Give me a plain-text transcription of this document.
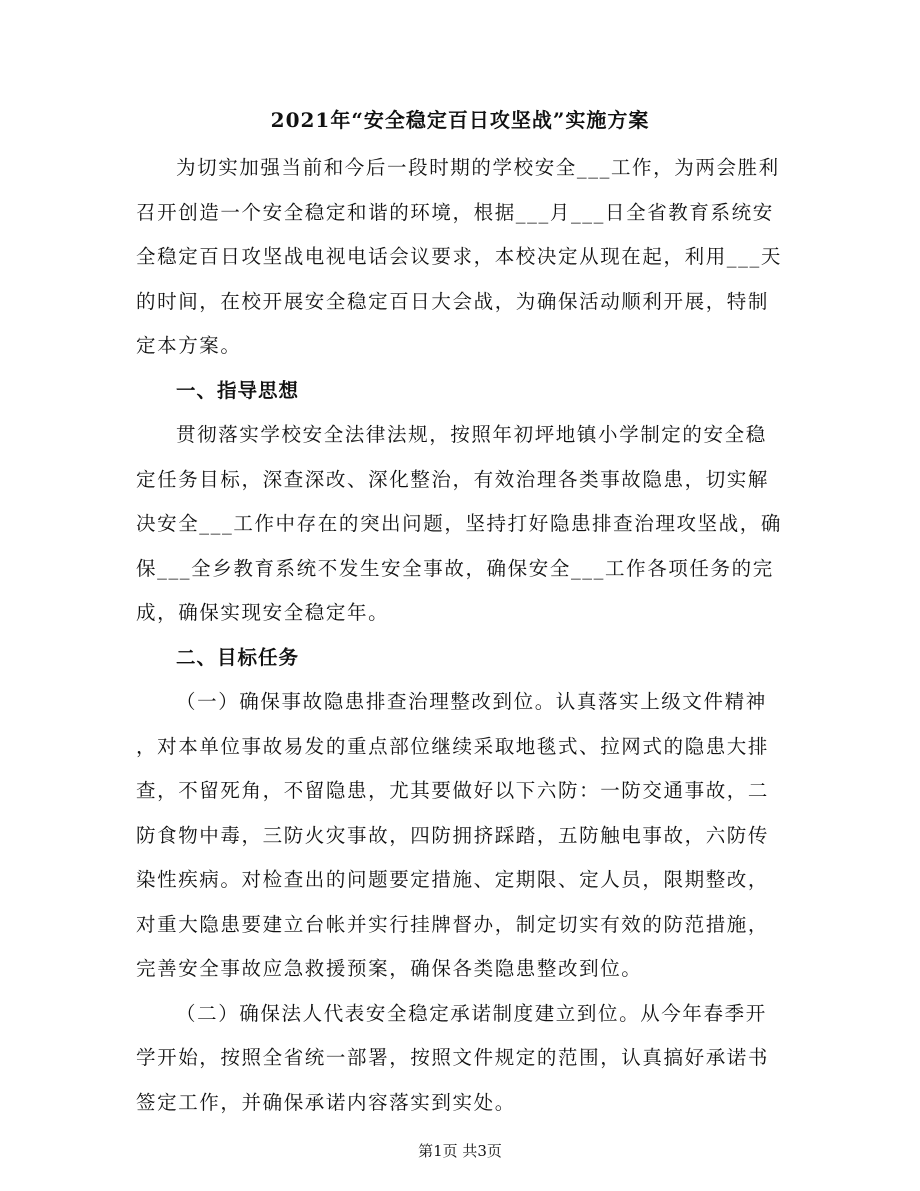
2021年“安全稳定百日攻坚战”实施方案
为切实加强当前和今后一段时期的学校安全___工作，为两会胜利
召开创造一个安全稳定和谐的环境，根据___月___日全省教育系统安
全稳定百日攻坚战电视电话会议要求，本校决定从现在起，利用___天
的时间，在校开展安全稳定百日大会战，为确保活动顺利开展，特制
定本方案。
一、指导思想
贯彻落实学校安全法律法规，按照年初坪地镇小学制定的安全稳
定任务目标，深查深改、深化整治，有效治理各类事故隐患，切实解
决安全___工作中存在的突出问题，坚持打好隐患排查治理攻坚战，确
保___全乡教育系统不发生安全事故，确保安全___工作各项任务的完
成，确保实现安全稳定年。
二、目标任务
（一）确保事故隐患排查治理整改到位。认真落实上级文件精神
，对本单位事故易发的重点部位继续采取地毯式、拉网式的隐患大排
查，不留死角，不留隐患，尤其要做好以下六防：一防交通事故，二
防食物中毒，三防火灾事故，四防拥挤踩踏，五防触电事故，六防传
染性疾病。对检查出的问题要定措施、定期限、定人员，限期整改，
对重大隐患要建立台帐并实行挂牌督办，制定切实有效的防范措施，
完善安全事故应急救援预案，确保各类隐患整改到位。
（二）确保法人代表安全稳定承诺制度建立到位。从今年春季开
学开始，按照全省统一部署，按照文件规定的范围，认真搞好承诺书
签定工作，并确保承诺内容落实到实处。
第1页 共3页
